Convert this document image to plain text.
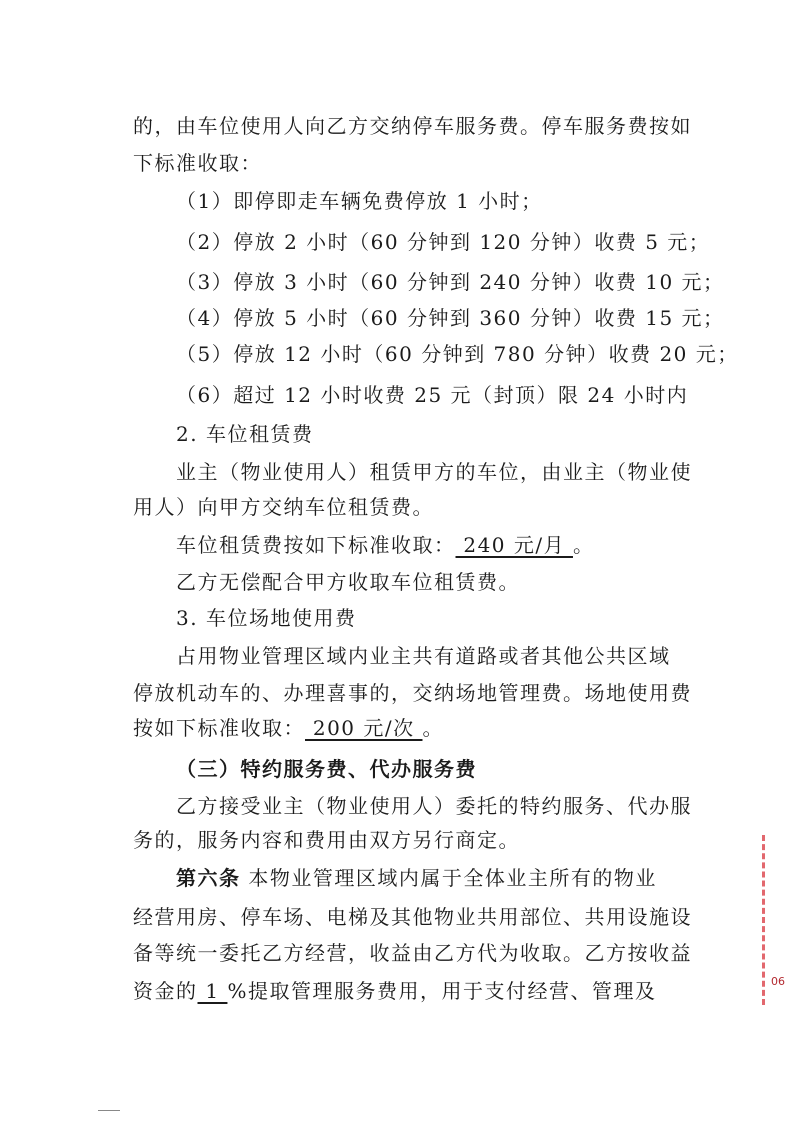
的，由车位使用人向乙方交纳停车服务费。停车服务费按如
下标准收取：
（1）即停即走车辆免费停放 1 小时；
（2）停放 2 小时（60 分钟到 120 分钟）收费 5 元；
（3）停放 3 小时（60 分钟到 240 分钟）收费 10 元；
（4）停放 5 小时（60 分钟到 360 分钟）收费 15 元；
（5）停放 12 小时（60 分钟到 780 分钟）收费 20 元；
（6）超过 12 小时收费 25 元（封顶）限 24 小时内
2. 车位租赁费
业主（物业使用人）租赁甲方的车位，由业主（物业使
用人）向甲方交纳车位租赁费。
车位租赁费按如下标准收取： 240 元/月 。
乙方无偿配合甲方收取车位租赁费。
3. 车位场地使用费
占用物业管理区域内业主共有道路或者其他公共区域
停放机动车的、办理喜事的，交纳场地管理费。场地使用费
按如下标准收取： 200 元/次 。
（三）特约服务费、代办服务费
乙方接受业主（物业使用人）委托的特约服务、代办服
务的，服务内容和费用由双方另行商定。
第六条 本物业管理区域内属于全体业主所有的物业
经营用房、停车场、电梯及其他物业共用部位、共用设施设
备等统一委托乙方经营，收益由乙方代为收取。乙方按收益
资金的 1 %提取管理服务费用，用于支付经营、管理及	06
